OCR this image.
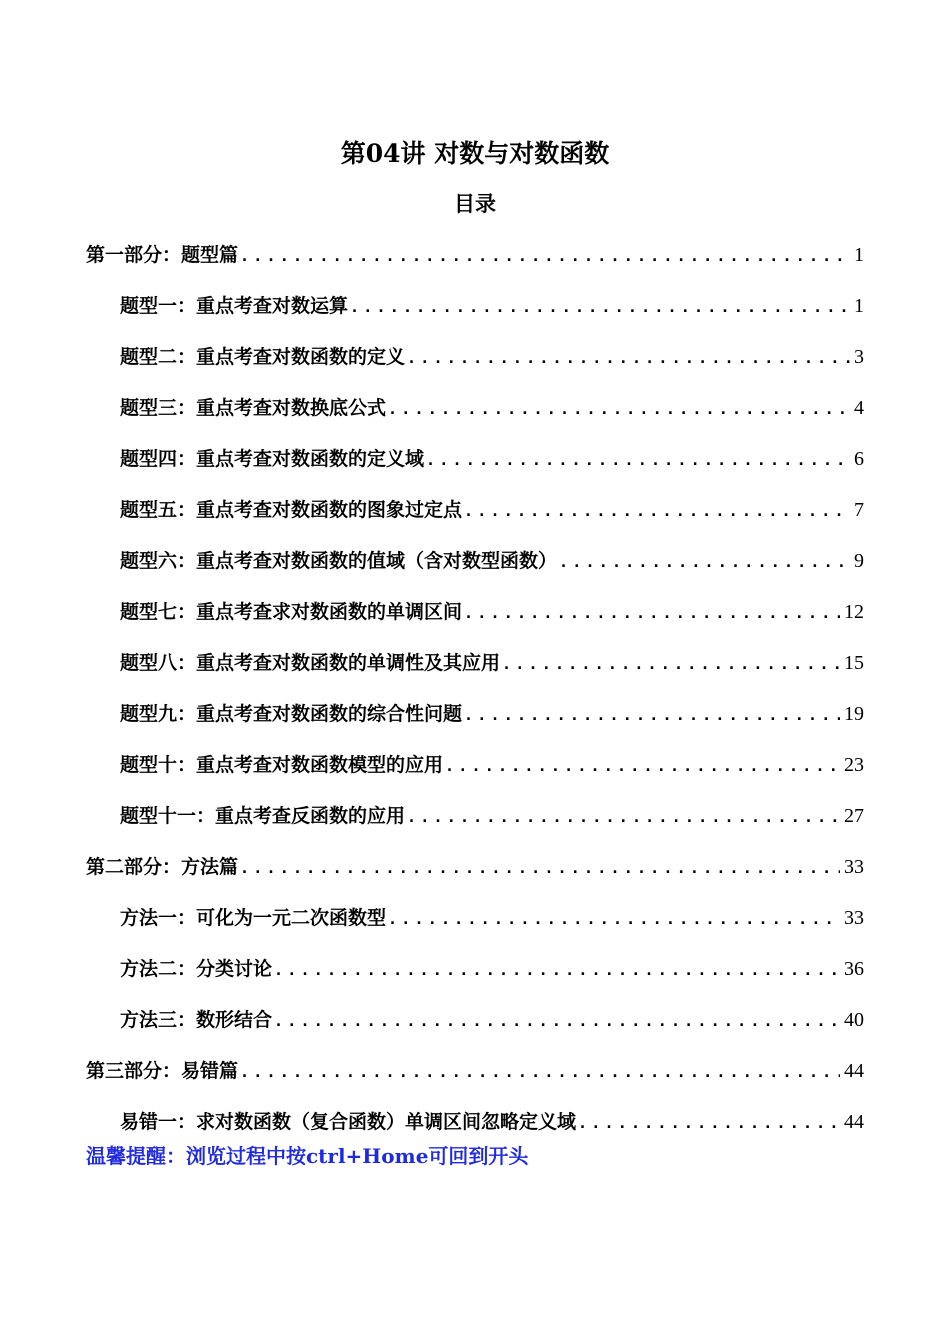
第04讲 对数与对数函数
目录
第一部分：题型篇 .....	1
题型一：重点考查对数运算 .....	1
题型二：重点考查对数函数的定义 .....	3
题型三：重点考查对数换底公式 .....	4
题型四：重点考查对数函数的定义域 .....	6
题型五：重点考查对数函数的图象过定点 .....	7
题型六：重点考查对数函数的值域（含对数型函数） .....	9
题型七：重点考查求对数函数的单调区间 .....	12
题型八：重点考查对数函数的单调性及其应用 .....	15
题型九：重点考查对数函数的综合性问题 .....	19
题型十：重点考查对数函数模型的应用 .....	23
题型十一：重点考查反函数的应用 .....	27
第二部分：方法篇 .....	33
方法一：可化为一元二次函数型 .....	33
方法二：分类讨论 .....	36
方法三：数形结合 .....	40
第三部分：易错篇 .....	44
易错一：求对数函数（复合函数）单调区间忽略定义域 .....	44
温馨提醒：浏览过程中按ctrl+Home可回到开头
